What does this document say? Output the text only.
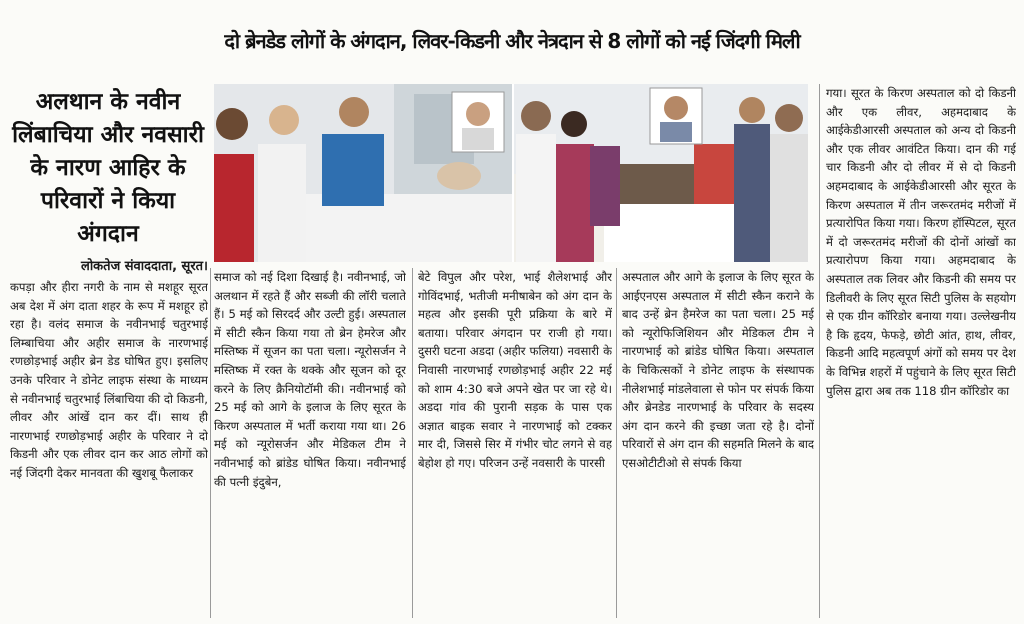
दो ब्रेनडेड लोगों के अंगदान, लिवर-किडनी और नेत्रदान से 8 लोगों को नई जिंदगी मिली
अलथान के नवीन लिंबाचिया और नवसारी के नारण आहिर के परिवारों ने किया अंगदान
लोकतेज संवाददाता, सूरत।

कपड़ा और हीरा नगरी के नाम से मशहूर सूरत अब देश में अंग दाता शहर के रूप में मशहूर हो रहा है। वलंद समाज के नवीनभाई चतुरभाई लिम्बाचिया और अहीर समाज के नारणभाई रणछोड़भाई अहीर ब्रेन डेड घोषित हुए। इसलिए उनके परिवार ने डोनेट लाइफ संस्था के माध्यम से नवीनभाई चतुरभाई लिंबाचिया की दो किडनी, लीवर और आंखें दान कर दीं। साथ ही नारणभाई रणछोड़भाई अहीर के परिवार ने दो किडनी और एक लीवर दान कर आठ लोगों को नई जिंदगी देकर मानवता की खुशबू फैलाकर

समाज को नई दिशा दिखाई है। नवीनभाई, जो अलथान में रहते हैं और सब्जी की लॉरी चलाते हैं। 5 मई को सिरदर्द और उल्टी हुई। अस्पताल में सीटी स्कैन किया गया तो ब्रेन हेमरेज और मस्तिष्क में सूजन का पता चला। न्यूरोसर्जन ने मस्तिष्क में रक्त के थक्के और सूजन को दूर करने के लिए क्रैनियोटॉमी की। नवीनभाई को 25 मई को आगे के इलाज के लिए सूरत के किरण अस्पताल में भर्ती कराया गया था। 26 मई को न्यूरोसर्जन और मेडिकल टीम ने नवीनभाई को ब्रांडेड घोषित किया। नवीनभाई की पत्नी इंदुबेन,

बेटे विपुल और परेश, भाई शैलेशभाई और गोविंदभाई, भतीजी मनीषाबेन को अंग दान के महत्व और इसकी पूरी प्रक्रिया के बारे में बताया। परिवार अंगदान पर राजी हो गया। दुसरी घटना अडदा (अहीर फलिया) नवसारी के निवासी नारणभाई रणछोड़भाई अहीर 22 मई को शाम 4:30 बजे अपने खेत पर जा रहे थे। अडदा गांव की पुरानी सड़क के पास एक अज्ञात बाइक सवार ने नारणभाई को टक्कर मार दी, जिससे सिर में गंभीर चोट लगने से वह बेहोश हो गए। परिजन उन्हें नवसारी के पारसी

अस्पताल और आगे के इलाज के लिए सूरत के आईएनएस अस्पताल में सीटी स्कैन कराने के बाद उन्हें ब्रेन हैमरेज का पता चला। 25 मई को न्यूरोफिजिशियन और मेडिकल टीम ने नारणभाई को ब्रांडेड घोषित किया। अस्पताल के चिकित्सकों ने डोनेट लाइफ के संस्थापक नीलेशभाई मांडलेवाला से फोन पर संपर्क किया और ब्रेनडेड नारणभाई के परिवार के सदस्य अंग दान करने की इच्छा जता रहे है। दोनों परिवारों से अंग दान की सहमति मिलने के बाद एसओटीटीओ से संपर्क किया

गया। सूरत के किरण अस्पताल को दो किडनी और एक लीवर, अहमदाबाद के आईकेडीआरसी अस्पताल को अन्य दो किडनी और एक लीवर आवंटित किया। दान की गई चार किडनी और दो लीवर में से दो किडनी अहमदाबाद के आईकेडीआरसी और सूरत के किरण अस्पताल में तीन जरूरतमंद मरीजों में प्रत्यारोपित किया गया। किरण हॉस्पिटल, सूरत में दो जरूरतमंद मरीजों की दोनों आंखों का प्रत्यारोपण किया गया। अहमदाबाद के अस्पताल तक लिवर और किडनी की समय पर डिलीवरी के लिए सूरत सिटी पुलिस के सहयोग से एक ग्रीन कॉरिडोर बनाया गया। उल्लेखनीय है कि हृदय, फेफड़े, छोटी आंत, हाथ, लीवर, किडनी आदि महत्वपूर्ण अंगों को समय पर देश के विभिन्न शहरों में पहुंचाने के लिए सूरत सिटी पुलिस द्वारा अब तक 118 ग्रीन कॉरिडोर का
